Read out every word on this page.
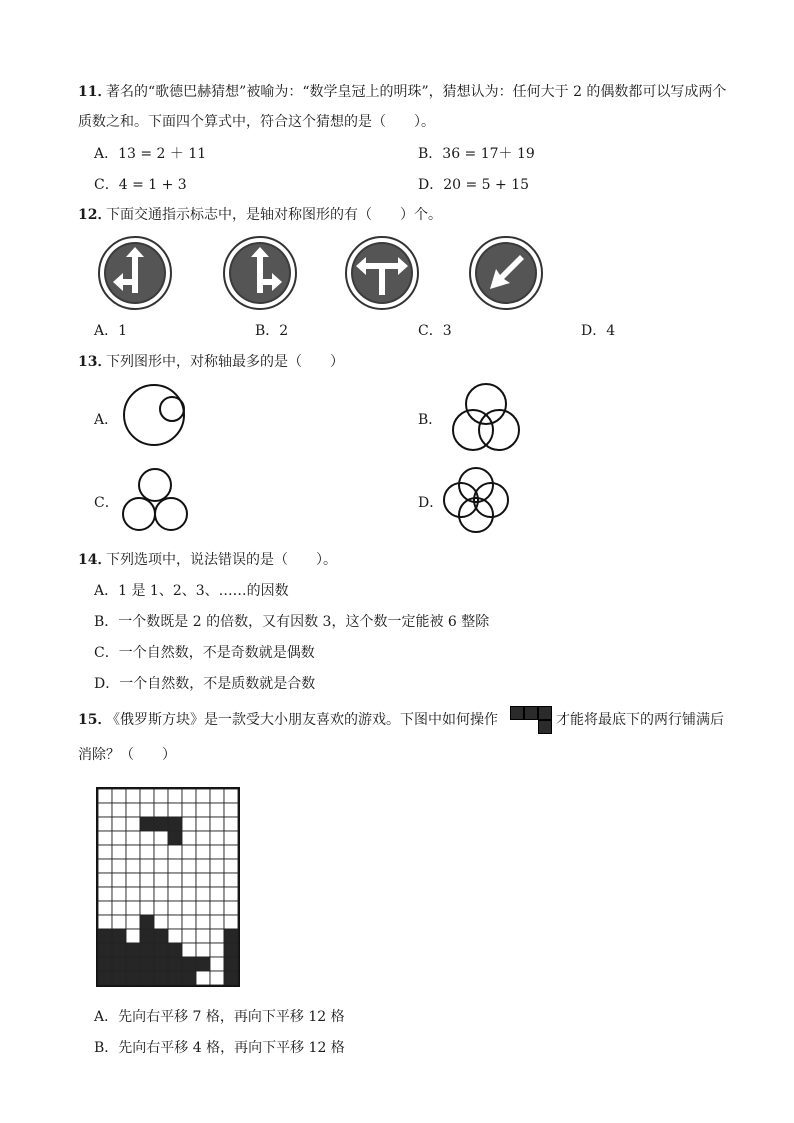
11．
著名的“歌德巴赫猜想”被喻为：“数学皇冠上的明珠”，猜想认为：任何大于 2 的偶数都可以写成两个
质数之和。下面四个算式中，符合这个猜想的是（　　）。
A．13 = 2 ＋ 11	B．36 = 17＋ 19
C．4 = 1 + 3	D．20 = 5 + 15
12．
下面交通指示标志中，是轴对称图形的有（　　）个。
A．1	B．2	C．3	D．4
13．
下列图形中，对称轴最多的是（　　）
A．	B．
C．	D．
14．
下列选项中，说法错误的是（　　）。
A．1 是 1、2、3、……的因数
B．一个数既是 2 的倍数，又有因数 3，这个数一定能被 6 整除
C．一个自然数，不是奇数就是偶数
D．一个自然数，不是质数就是合数
15．
《俄罗斯方块》是一款受大小朋友喜欢的游戏。下图中如何操作	才能将最底下的两行铺满后
消除？（　　）
A．先向右平移 7 格，再向下平移 12 格
B．先向右平移 4 格，再向下平移 12 格
